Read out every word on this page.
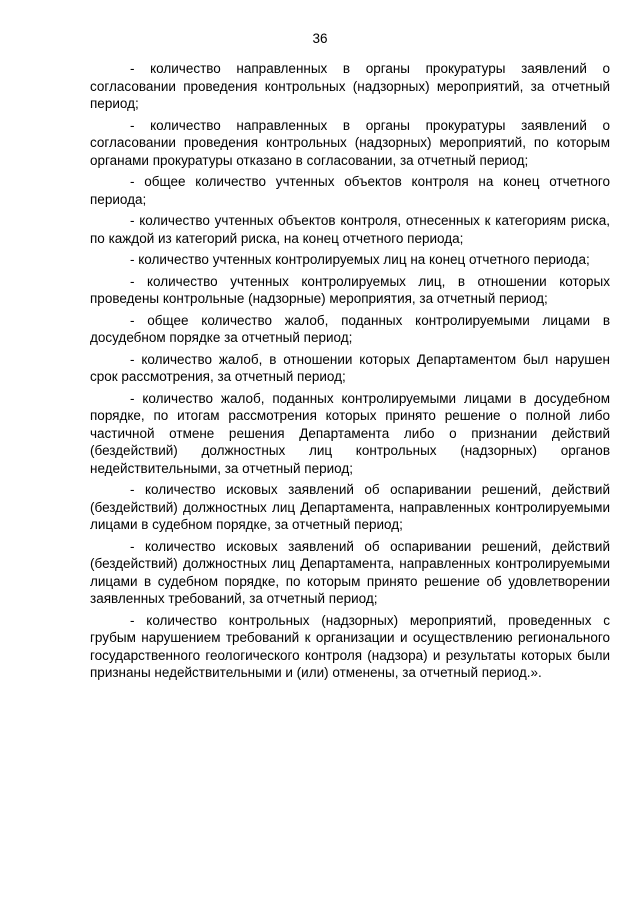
36

- количество направленных в органы прокуратуры заявлений о согласовании проведения контрольных (надзорных) мероприятий, за отчетный период;

- количество направленных в органы прокуратуры заявлений о согласовании проведения контрольных (надзорных) мероприятий, по которым органами прокуратуры отказано в согласовании, за отчетный период;

- общее количество учтенных объектов контроля на конец отчетного периода;

- количество учтенных объектов контроля, отнесенных к категориям риска, по каждой из категорий риска, на конец отчетного периода;

- количество учтенных контролируемых лиц на конец отчетного периода;

- количество учтенных контролируемых лиц, в отношении которых проведены контрольные (надзорные) мероприятия, за отчетный период;

- общее количество жалоб, поданных контролируемыми лицами в досудебном порядке за отчетный период;

- количество жалоб, в отношении которых Департаментом был нарушен срок рассмотрения, за отчетный период;

- количество жалоб, поданных контролируемыми лицами в досудебном порядке, по итогам рассмотрения которых принято решение о полной либо частичной отмене решения Департамента либо о признании действий (бездействий) должностных лиц контрольных (надзорных) органов недействительными, за отчетный период;

- количество исковых заявлений об оспаривании решений, действий (бездействий) должностных лиц Департамента, направленных контролируемыми лицами в судебном порядке, за отчетный период;

- количество исковых заявлений об оспаривании решений, действий (бездействий) должностных лиц Департамента, направленных контролируемыми лицами в судебном порядке, по которым принято решение об удовлетворении заявленных требований, за отчетный период;

- количество контрольных (надзорных) мероприятий, проведенных с грубым нарушением требований к организации и осуществлению регионального государственного геологического контроля (надзора) и результаты которых были признаны недействительными и (или) отменены, за отчетный период.».
